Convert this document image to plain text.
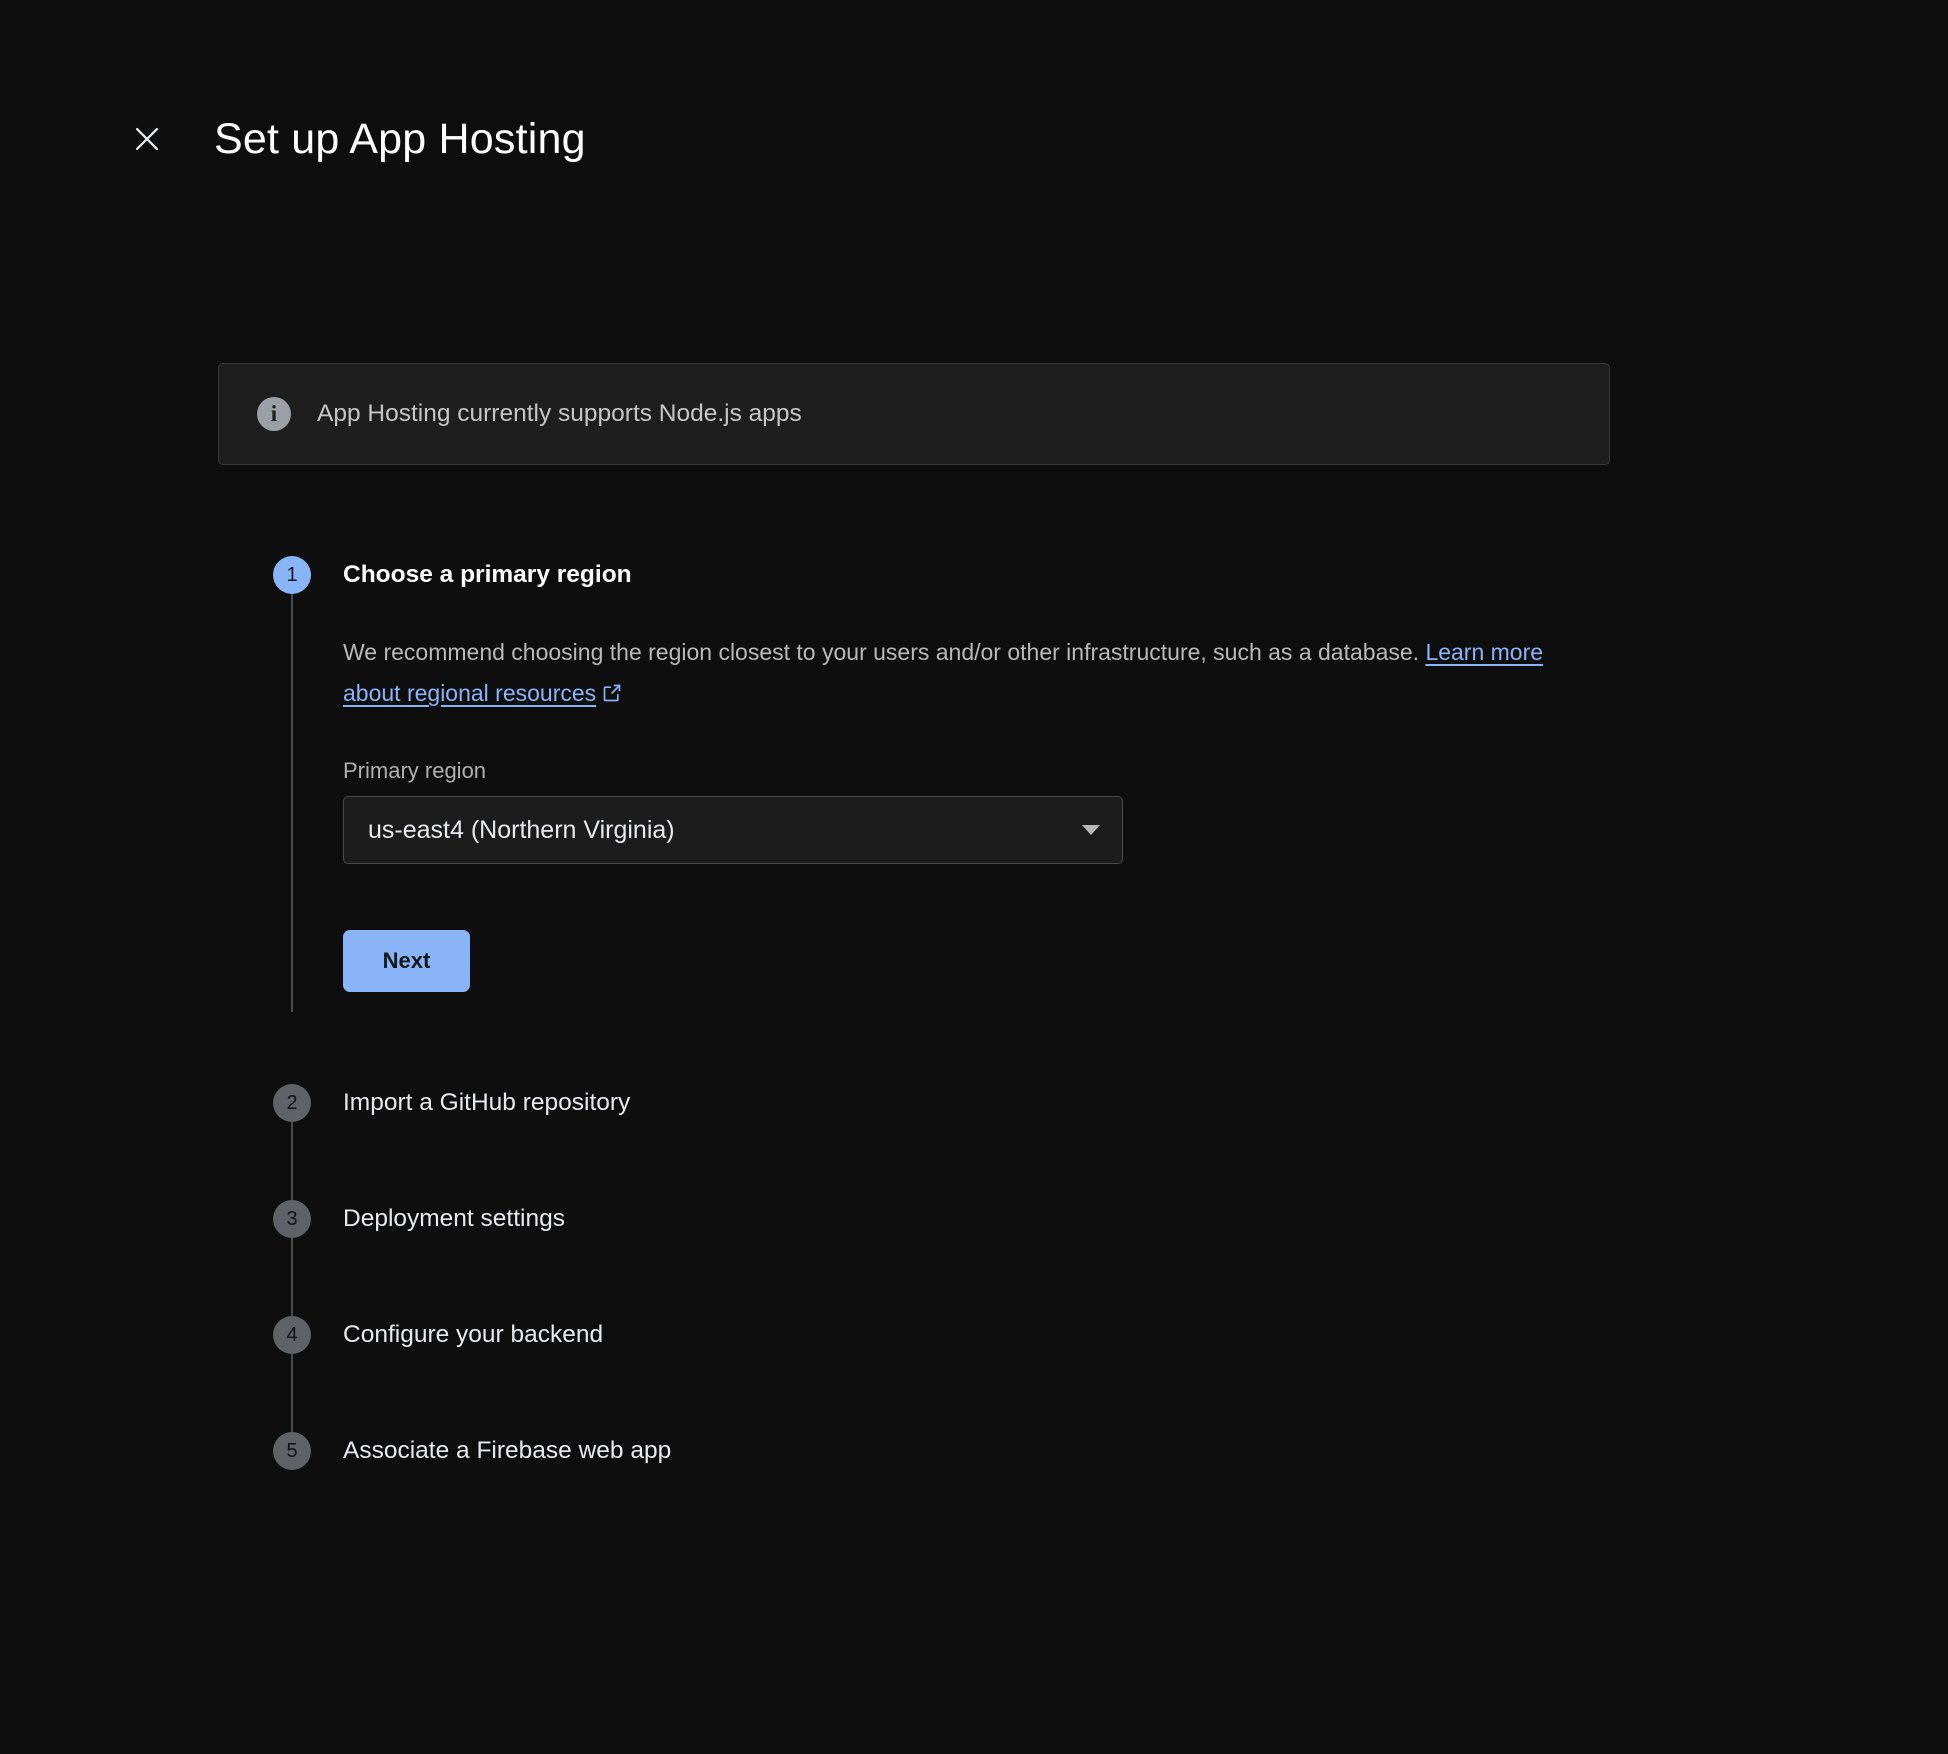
Set up App Hosting
i	App Hosting currently supports Node.js apps
1	Choose a primary region
We recommend choosing the region closest to your users and/or other infrastructure, such as a database. Learn more about regional resources
Primary region
us-east4 (Northern Virginia)
Next
2	Import a GitHub repository
3	Deployment settings
4	Configure your backend
5	Associate a Firebase web app
